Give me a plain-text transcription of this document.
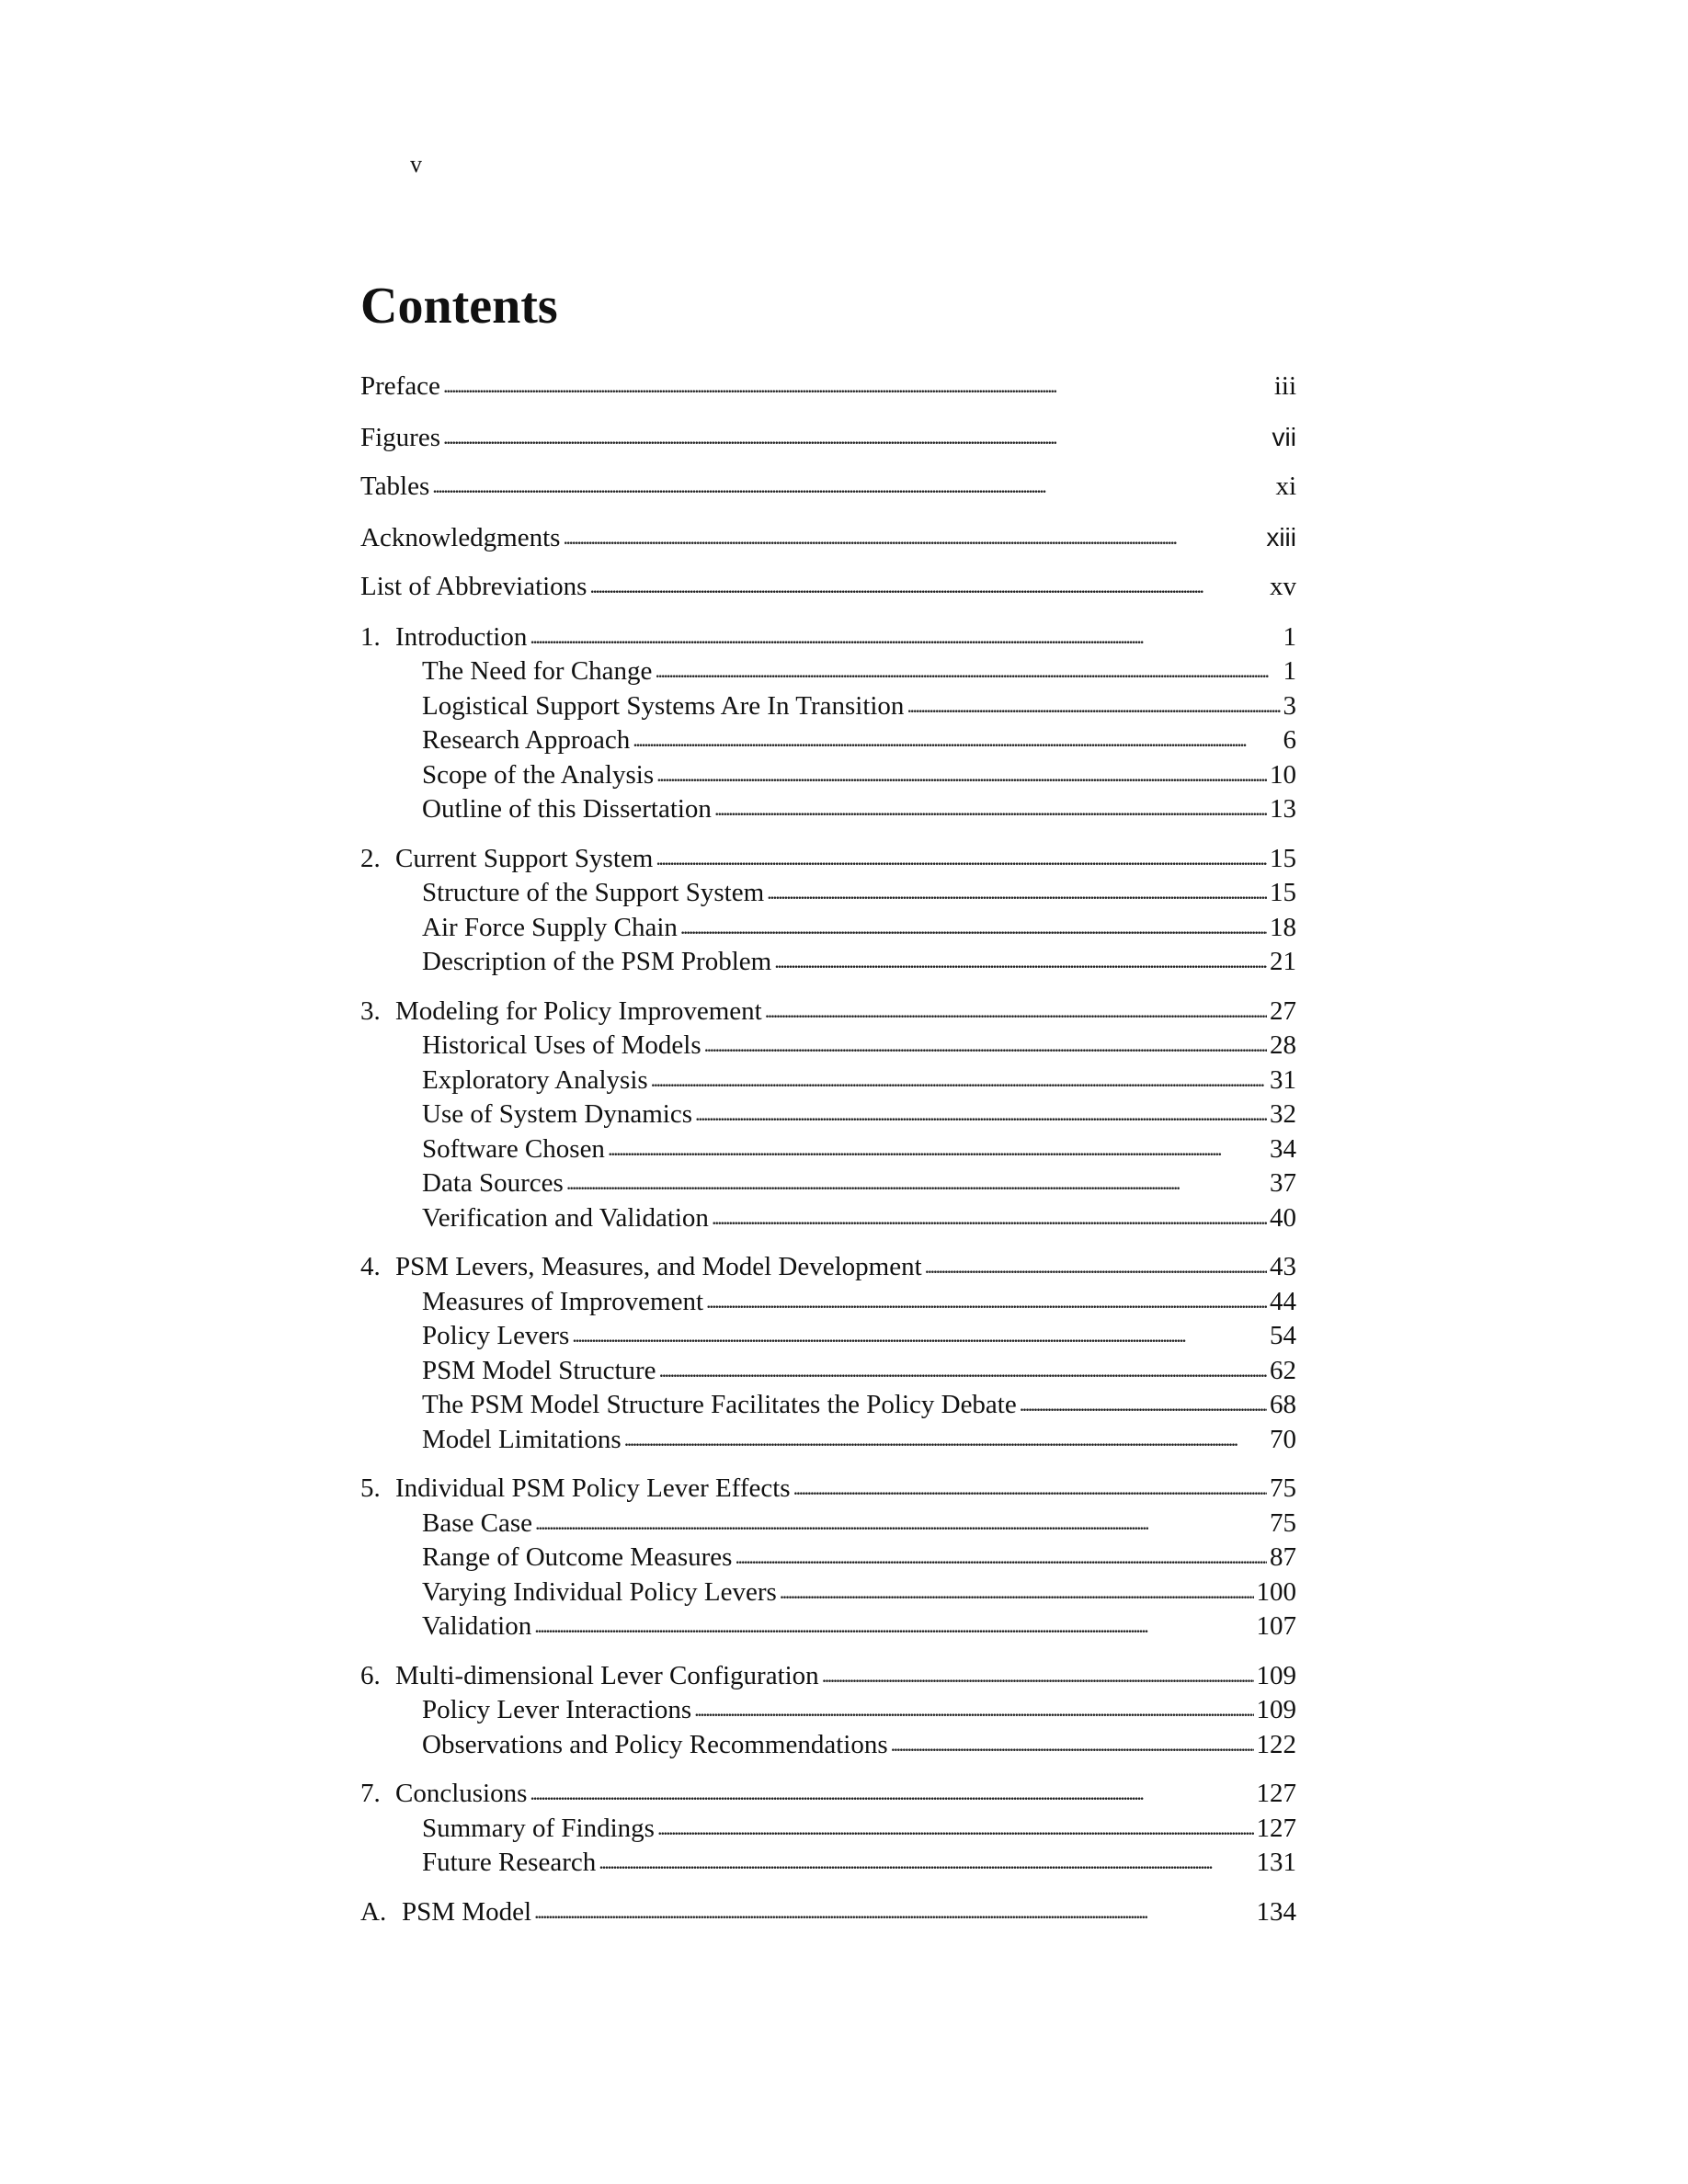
v
Contents
Preface . . .	iii
Figures . . .	vii
Tables . . .	xi
Acknowledgments . . .	xiii
List of Abbreviations . . .	xv
1. Introduction . . .	1
The Need for Change . . .	1
Logistical Support Systems Are In Transition . . .	3
Research Approach . . .	6
Scope of the Analysis . . .	10
Outline of this Dissertation . . .	13
2. Current Support System . . .	15
Structure of the Support System . . .	15
Air Force Supply Chain . . .	18
Description of the PSM Problem . . .	21
3. Modeling for Policy Improvement . . .	27
Historical Uses of Models . . .	28
Exploratory Analysis . . .	31
Use of System Dynamics . . .	32
Software Chosen . . .	34
Data Sources . . .	37
Verification and Validation . . .	40
4. PSM Levers, Measures, and Model Development . . .	43
Measures of Improvement . . .	44
Policy Levers . . .	54
PSM Model Structure . . .	62
The PSM Model Structure Facilitates the Policy Debate . . .	68
Model Limitations . . .	70
5. Individual PSM Policy Lever Effects . . .	75
Base Case . . .	75
Range of Outcome Measures . . .	87
Varying Individual Policy Levers . . .	100
Validation . . .	107
6. Multi-dimensional Lever Configuration . . .	109
Policy Lever Interactions . . .	109
Observations and Policy Recommendations . . .	122
7. Conclusions . . .	127
Summary of Findings . . .	127
Future Research . . .	131
A. PSM Model . . .	134
